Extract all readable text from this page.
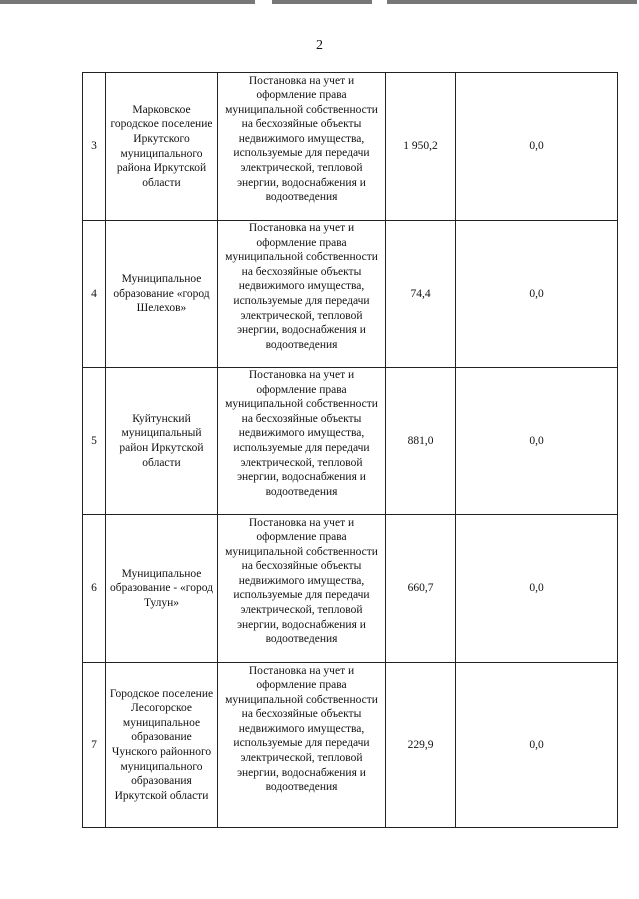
2
3	Марковское городское поселение Иркутского муниципального района Иркутской области	Постановка на учет и оформление права муниципальной собственности на бесхозяйные объекты недвижимого имущества, используемые для передачи электрической, тепловой энергии, водоснабжения и водоотведения	1 950,2	0,0
4	Муниципальное образование «город Шелехов»	Постановка на учет и оформление права муниципальной собственности на бесхозяйные объекты недвижимого имущества, используемые для передачи электрической, тепловой энергии, водоснабжения и водоотведения	74,4	0,0
5	Куйтунский муниципальный район Иркутской области	Постановка на учет и оформление права муниципальной собственности на бесхозяйные объекты недвижимого имущества, используемые для передачи электрической, тепловой энергии, водоснабжения и водоотведения	881,0	0,0
6	Муниципальное образование - «город Тулун»	Постановка на учет и оформление права муниципальной собственности на бесхозяйные объекты недвижимого имущества, используемые для передачи электрической, тепловой энергии, водоснабжения и водоотведения	660,7	0,0
7	Городское поселение Лесогорское муниципальное образование Чунского районного муниципального образования Иркутской области	Постановка на учет и оформление права муниципальной собственности на бесхозяйные объекты недвижимого имущества, используемые для передачи электрической, тепловой энергии, водоснабжения и водоотведения	229,9	0,0
